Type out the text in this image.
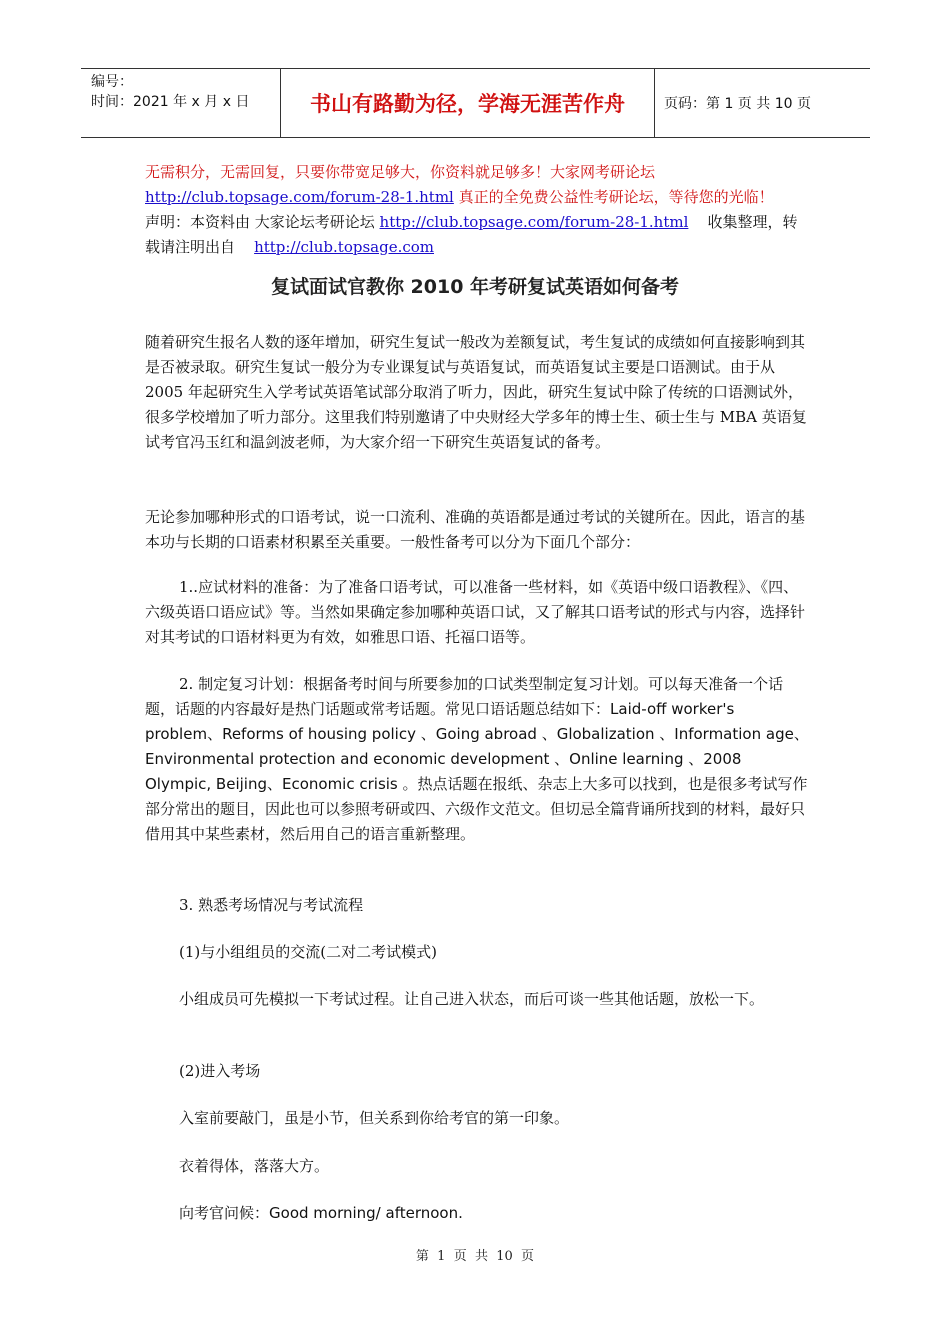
编号：
时间：2021 年 x 月 x 日	书山有路勤为径，学海无涯苦作舟	页码：第 1 页 共 10 页
无需积分，无需回复，只要你带宽足够大，你资料就足够多！大家网考研论坛 http://club.topsage.com/forum-28-1.html 真正的全免费公益性考研论坛，等待您的光临！
声明：本资料由 大家论坛考研论坛 http://club.topsage.com/forum-28-1.html    收集整理，转载请注明出自    http://club.topsage.com
复试面试官教你 2010 年考研复试英语如何备考
随着研究生报名人数的逐年增加，研究生复试一般改为差额复试，考生复试的成绩如何直接影响到其是否被录取。研究生复试一般分为专业课复试与英语复试，而英语复试主要是口语测试。由于从 2005 年起研究生入学考试英语笔试部分取消了听力，因此，研究生复试中除了传统的口语测试外，很多学校增加了听力部分。这里我们特别邀请了中央财经大学多年的博士生、硕士生与 MBA 英语复试考官冯玉红和温剑波老师，为大家介绍一下研究生英语复试的备考。
无论参加哪种形式的口语考试，说一口流利、准确的英语都是通过考试的关键所在。因此，语言的基本功与长期的口语素材积累至关重要。一般性备考可以分为下面几个部分：
1..应试材料的准备：为了准备口语考试，可以准备一些材料，如《英语中级口语教程》、《四、六级英语口语应试》等。当然如果确定参加哪种英语口试，又了解其口语考试的形式与内容，选择针对其考试的口语材料更为有效，如雅思口语、托福口语等。
2. 制定复习计划：根据备考时间与所要参加的口试类型制定复习计划。可以每天准备一个话题，话题的内容最好是热门话题或常考话题。常见口语话题总结如下：Laid-off worker's problem、Reforms of housing policy 、Going abroad 、Globalization 、Information age、Environmental protection and economic development 、Online learning 、2008 Olympic, Beijing、Economic crisis 。热点话题在报纸、杂志上大多可以找到，也是很多考试写作部分常出的题目，因此也可以参照考研或四、六级作文范文。但切忌全篇背诵所找到的材料，最好只借用其中某些素材，然后用自己的语言重新整理。
3. 熟悉考场情况与考试流程
(1)与小组组员的交流(二对二考试模式)
小组成员可先模拟一下考试过程。让自己进入状态，而后可谈一些其他话题，放松一下。
(2)进入考场
入室前要敲门，虽是小节，但关系到你给考官的第一印象。
衣着得体，落落大方。
向考官问候：Good morning/ afternoon.
第  1  页  共  10  页
